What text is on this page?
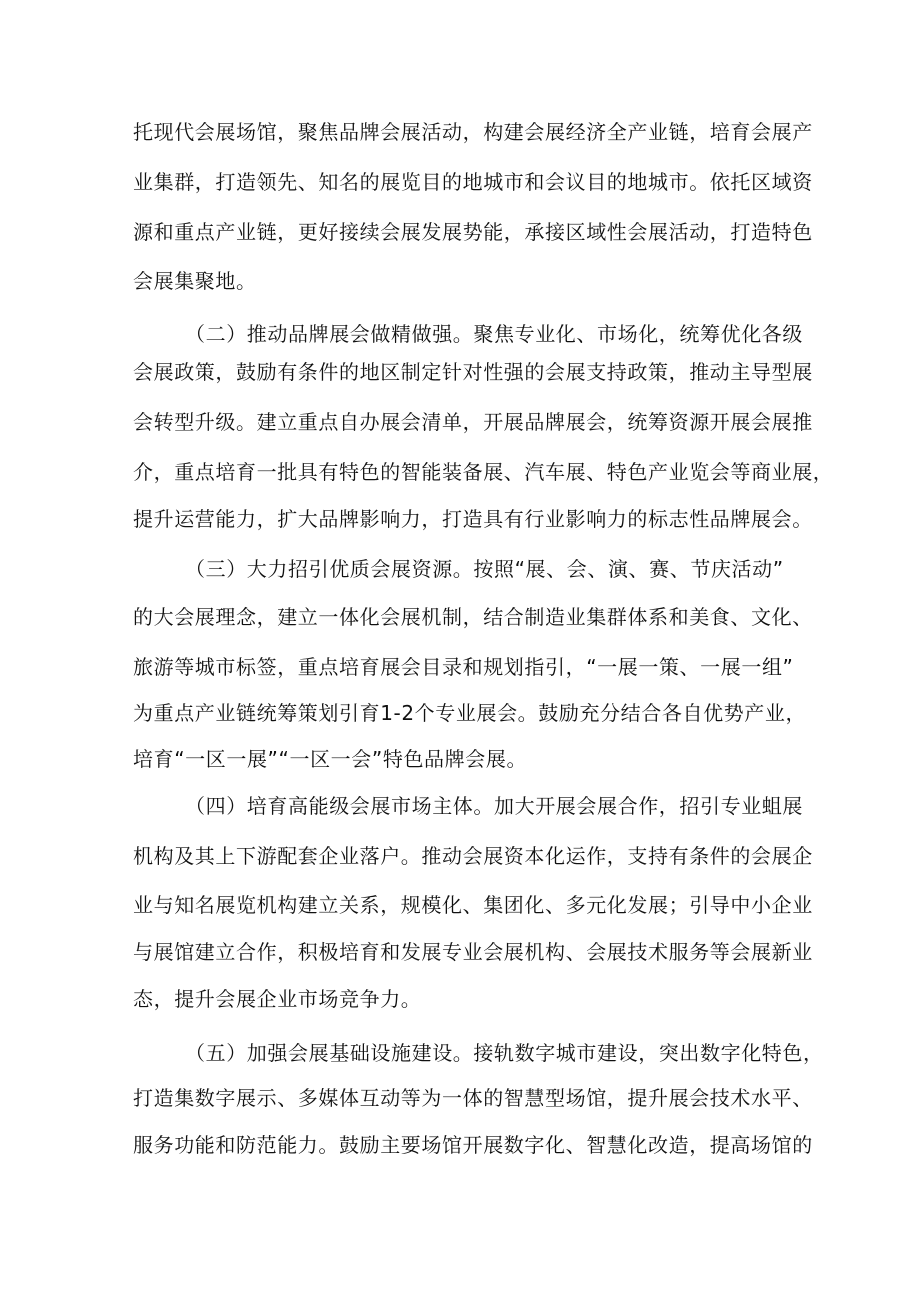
托现代会展场馆，聚焦品牌会展活动，构建会展经济全产业链，培育会展产
业集群，打造领先、知名的展览目的地城市和会议目的地城市。依托区域资
源和重点产业链，更好接续会展发展势能，承接区域性会展活动，打造特色
会展集聚地。
（二）推动品牌展会做精做强。聚焦专业化、市场化，统筹优化各级
会展政策，鼓励有条件的地区制定针对性强的会展支持政策，推动主导型展
会转型升级。建立重点自办展会清单，开展品牌展会，统筹资源开展会展推
介，重点培育一批具有特色的智能装备展、汽车展、特色产业览会等商业展，
提升运营能力，扩大品牌影响力，打造具有行业影响力的标志性品牌展会。
（三）大力招引优质会展资源。按照“展、会、演、赛、节庆活动”
的大会展理念，建立一体化会展机制，结合制造业集群体系和美食、文化、
旅游等城市标签，重点培育展会目录和规划指引，“一展一策、一展一组”
为重点产业链统筹策划引育1-2个专业展会。鼓励充分结合各自优势产业，
培育“一区一展”“一区一会”特色品牌会展。
（四）培育高能级会展市场主体。加大开展会展合作，招引专业蛆展
机构及其上下游配套企业落户。推动会展资本化运作，支持有条件的会展企
业与知名展览机构建立关系，规模化、集团化、多元化发展；引导中小企业
与展馆建立合作，积极培育和发展专业会展机构、会展技术服务等会展新业
态，提升会展企业市场竞争力。
（五）加强会展基础设施建设。接轨数字城市建设，突出数字化特色，
打造集数字展示、多媒体互动等为一体的智慧型场馆，提升展会技术水平、
服务功能和防范能力。鼓励主要场馆开展数字化、智慧化改造，提高场馆的
